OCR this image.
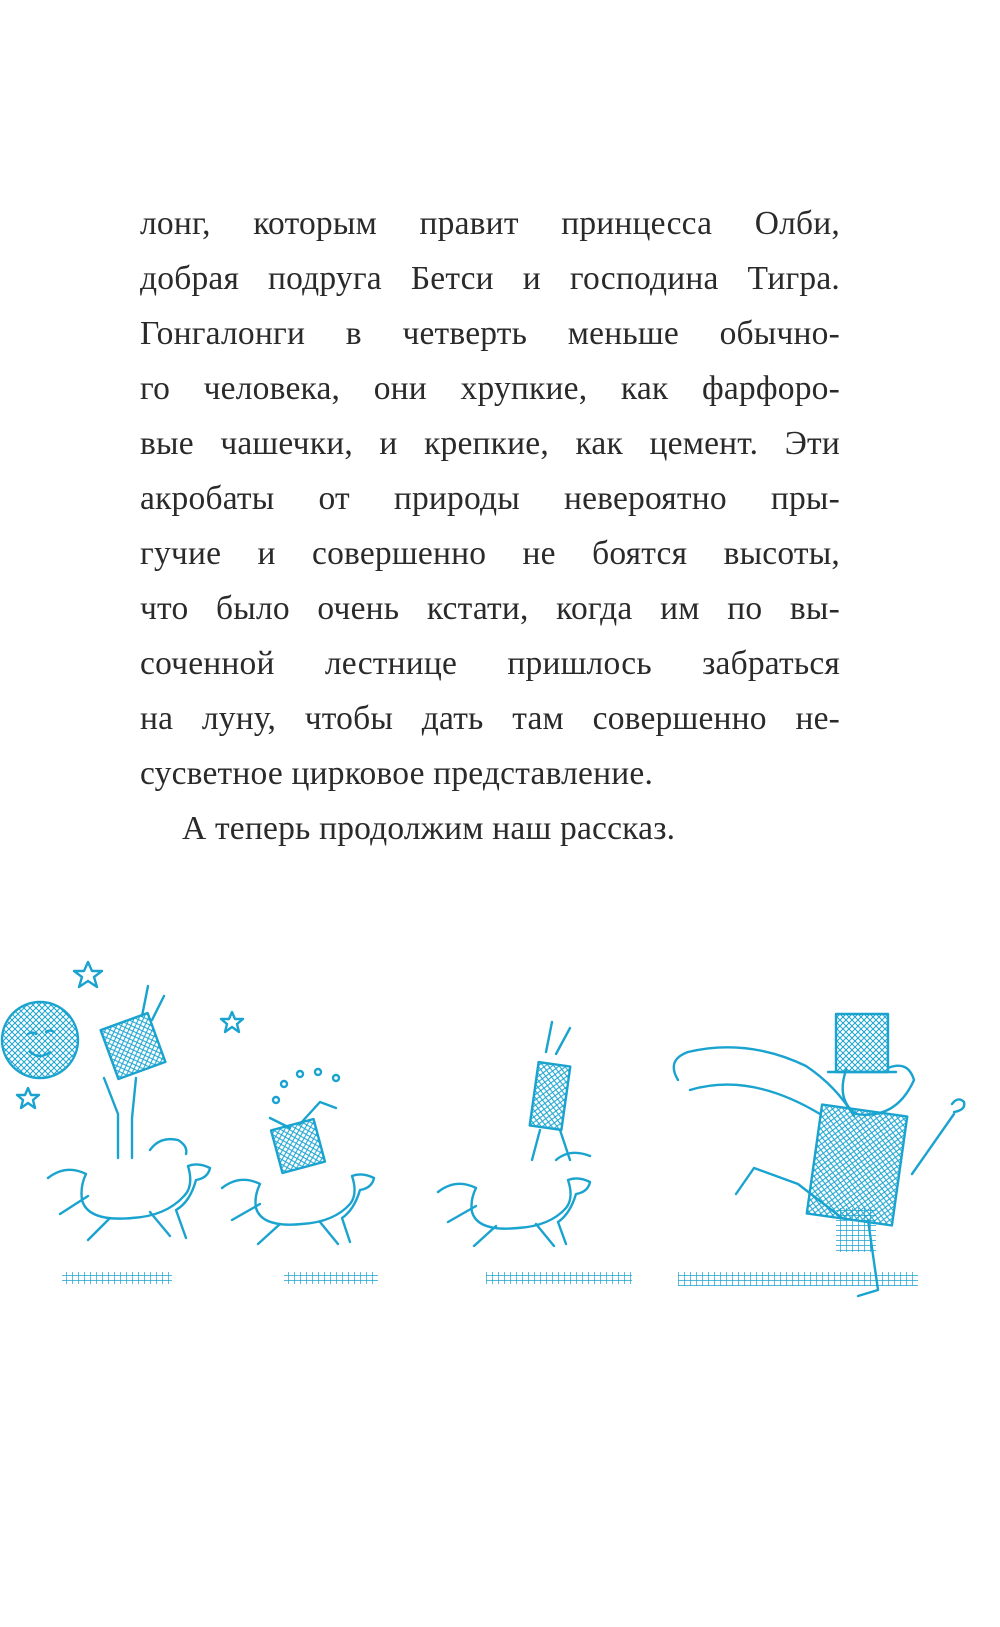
лонг, которым правит принцесса Олби,
добрая подруга Бетси и господина Тигра.
Гонгалонги в четверть меньше обычно-
го человека, они хрупкие, как фарфоро-
вые чашечки, и крепкие, как цемент. Эти
акробаты от природы невероятно пры-
гучие и совершенно не боятся высоты,
что было очень кстати, когда им по вы-
соченной лестнице пришлось забраться
на луну, чтобы дать там совершенно не-
сусветное цирковое представление.
А теперь продолжим наш рассказ.
